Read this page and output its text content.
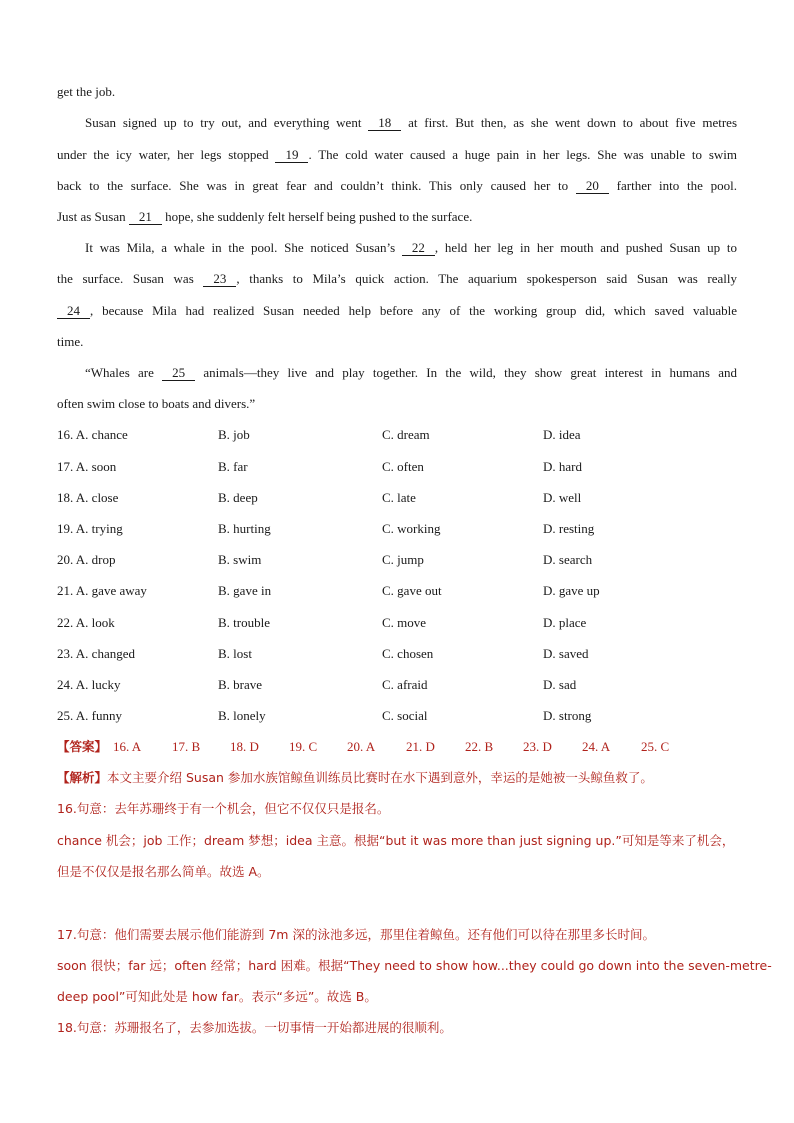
get the job.
Susan signed up to try out, and everything went 18 at first. But then, as she went down to about five metres
under the icy water, her legs stopped 19 . The cold water caused a huge pain in her legs. She was unable to swim
back to the surface. She was in great fear and couldn’t think. This only caused her to 20 farther into the pool.
Just as Susan 21 hope, she suddenly felt herself being pushed to the surface.
It was Mila, a whale in the pool. She noticed Susan’s 22 , held her leg in her mouth and pushed Susan up to
the surface. Susan was 23 , thanks to Mila’s quick action. The aquarium spokesperson said Susan was really
24 , because Mila had realized Susan needed help before any of the working group did, which saved valuable
time.
“Whales are 25 animals—they live and play together. In the wild, they show great interest in humans and
often swim close to boats and divers.”
16. A. chance	B. job	C. dream	D. idea
17. A. soon	B. far	C. often	D. hard
18. A. close	B. deep	C. late	D. well
19. A. trying	B. hurting	C. working	D. resting
20. A. drop	B. swim	C. jump	D. search
21. A. gave away	B. gave in	C. gave out	D. gave up
22. A. look	B. trouble	C. move	D. place
23. A. changed	B. lost	C. chosen	D. saved
24. A. lucky	B. brave	C. afraid	D. sad
25. A. funny	B. lonely	C. social	D. strong
【答案】 16. A 17. B 18. D 19. C 20. A 21. D 22. B 23. D 24. A 25. C
【解析】本文主要介绍 Susan 参加水族馆鲸鱼训练员比赛时在水下遇到意外，幸运的是她被一头鲸鱼救了。
16.句意：去年苏珊终于有一个机会，但它不仅仅只是报名。
chance 机会；job 工作；dream 梦想；idea 主意。根据“but it was more than just signing up.”可知是等来了机会，
但是不仅仅是报名那么简单。故选 A。
17.句意：他们需要去展示他们能游到 7m 深的泳池多远，那里住着鲸鱼。还有他们可以待在那里多长时间。
soon 很快；far 远；often 经常；hard 困难。根据“They need to show how...they could go down into the seven-metre-
deep pool”可知此处是 how far。表示“多远”。故选 B。
18.句意：苏珊报名了，去参加选拔。一切事情一开始都进展的很顺利。
